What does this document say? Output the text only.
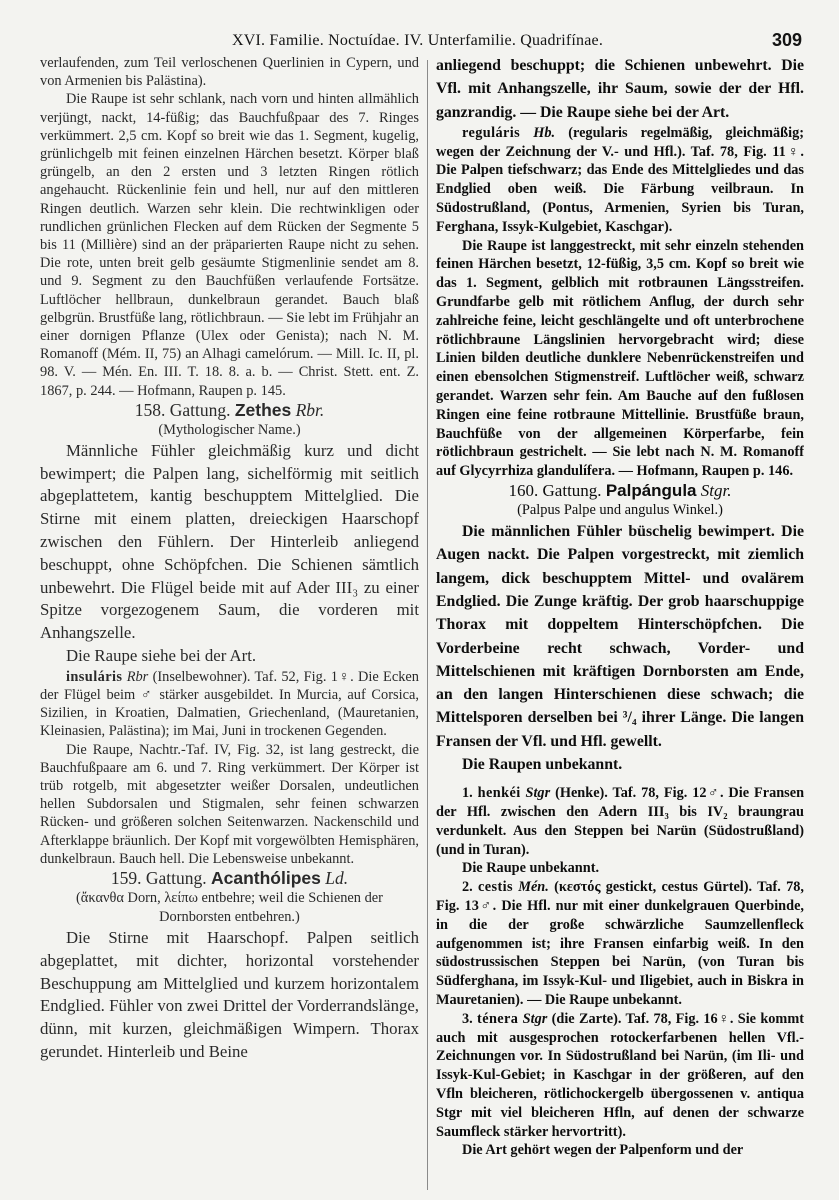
XVI. Familie. Noctuídae. IV. Unterfamilie. Quadrifínae.	309

verlaufenden, zum Teil verloschenen Querlinien in Cypern, und von Armenien bis Palästina).

Die Raupe ist sehr schlank, nach vorn und hinten allmählich verjüngt, nackt, 14-füßig; das Bauchfußpaar des 7. Ringes verkümmert. 2,5 cm. Kopf so breit wie das 1. Segment, kugelig, grünlichgelb mit feinen einzelnen Härchen besetzt. Körper blaß grüngelb, an den 2 ersten und 3 letzten Ringen rötlich angehaucht. Rückenlinie fein und hell, nur auf den mittleren Ringen deutlich. Warzen sehr klein. Die rechtwinkligen oder rundlichen grünlichen Flecken auf dem Rücken der Segmente 5 bis 11 (Millière) sind an der präparierten Raupe nicht zu sehen. Die rote, unten breit gelb gesäumte Stigmenlinie sendet am 8. und 9. Segment zu den Bauchfüßen verlaufende Fortsätze. Luftlöcher hellbraun, dunkelbraun gerandet. Bauch blaß gelbgrün. Brustfüße lang, rötlichbraun. — Sie lebt im Frühjahr an einer dornigen Pflanze (Ulex oder Genista); nach N. M. Romanoff (Mém. II, 75) an Alhagi camelórum. — Mill. Ic. II, pl. 98. V. — Mén. En. III. T. 18. 8. a. b. — Christ. Stett. ent. Z. 1867, p. 244. — Hofmann, Raupen p. 145.

158. Gattung. Zethes Rbr.

(Mythologischer Name.)

Männliche Fühler gleichmäßig kurz und dicht bewimpert; die Palpen lang, sichelförmig mit seitlich abgeplattetem, kantig beschupptem Mittelglied. Die Stirne mit einem platten, dreieckigen Haarschopf zwischen den Fühlern. Der Hinterleib anliegend beschuppt, ohne Schöpfchen. Die Schienen sämtlich unbewehrt. Die Flügel beide mit auf Ader III₃ zu einer Spitze vorgezogenem Saum, die vorderen mit Anhangszelle.

Die Raupe siehe bei der Art.

insuláris Rbr (Inselbewohner). Taf. 52, Fig. 1♀. Die Ecken der Flügel beim ♂ stärker ausgebildet. In Murcia, auf Corsica, Sizilien, in Kroatien, Dalmatien, Griechenland, (Mauretanien, Kleinasien, Palästina); im Mai, Juni in trockenen Gegenden.

Die Raupe, Nachtr.-Taf. IV, Fig. 32, ist lang gestreckt, die Bauchfußpaare am 6. und 7. Ring verkümmert. Der Körper ist trüb rotgelb, mit abgesetzter weißer Dorsalen, undeutlichen hellen Subdorsalen und Stigmalen, sehr feinen schwarzen Rücken- und größeren solchen Seitenwarzen. Nackenschild und Afterklappe bräunlich. Der Kopf mit vorgewölbten Hemisphären, dunkelbraun. Bauch hell. Die Lebensweise unbekannt.

159. Gattung. Acanthólipes Ld.

(ἄκανθα Dorn, λείπω entbehre; weil die Schienen der Dornborsten entbehren.)

Die Stirne mit Haarschopf. Palpen seitlich abgeplattet, mit dichter, horizontal vorstehender Beschuppung am Mittelglied und kurzem horizontalem Endglied. Fühler von zwei Drittel der Vorderrandslänge, dünn, mit kurzen, gleichmäßigen Wimpern. Thorax gerundet. Hinterleib und Beine

anliegend beschuppt; die Schienen unbewehrt. Die Vfl. mit Anhangszelle, ihr Saum, sowie der der Hfl. ganzrandig. — Die Raupe siehe bei der Art.

reguláris Hb. (regularis regelmäßig, gleichmäßig; wegen der Zeichnung der V.- und Hfl.). Taf. 78, Fig. 11♀. Die Palpen tiefschwarz; das Ende des Mittelgliedes und das Endglied oben weiß. Die Färbung veilbraun. In Südostrußland, (Pontus, Armenien, Syrien bis Turan, Ferghana, Issyk-Kulgebiet, Kaschgar).

Die Raupe ist langgestreckt, mit sehr einzeln stehenden feinen Härchen besetzt, 12-füßig, 3,5 cm. Kopf so breit wie das 1. Segment, gelblich mit rotbraunen Längsstreifen. Grundfarbe gelb mit rötlichem Anflug, der durch sehr zahlreiche feine, leicht geschlängelte und oft unterbrochene rötlichbraune Längslinien hervorgebracht wird; diese Linien bilden deutliche dunklere Nebenrückenstreifen und einen ebensolchen Stigmenstreif. Luftlöcher weiß, schwarz gerandet. Warzen sehr fein. Am Bauche auf den fußlosen Ringen eine feine rotbraune Mittellinie. Brustfüße braun, Bauchfüße von der allgemeinen Körperfarbe, fein rötlichbraun gestrichelt. — Sie lebt nach N. M. Romanoff auf Glycyrrhiza glandulífera. — Hofmann, Raupen p. 146.

160. Gattung. Palpángula Stgr.

(Palpus Palpe und angulus Winkel.)

Die männlichen Fühler büschelig bewimpert. Die Augen nackt. Die Palpen vorgestreckt, mit ziemlich langem, dick beschupptem Mittel- und ovalärem Endglied. Die Zunge kräftig. Der grob haarschuppige Thorax mit doppeltem Hinterschöpfchen. Die Vorderbeine recht schwach, Vorder- und Mittelschienen mit kräftigen Dornborsten am Ende, an den langen Hinterschienen diese schwach; die Mittelsporen derselben bei ³/₄ ihrer Länge. Die langen Fransen der Vfl. und Hfl. gewellt.

Die Raupen unbekannt.

1. henkéi Stgr (Henke). Taf. 78, Fig. 12♂. Die Fransen der Hfl. zwischen den Adern III₃ bis IV₂ braungrau verdunkelt. Aus den Steppen bei Narün (Südostrußland) (und in Turan).

Die Raupe unbekannt.

2. cestis Mén. (κεστός gestickt, cestus Gürtel). Taf. 78, Fig. 13♂. Die Hfl. nur mit einer dunkelgrauen Querbinde, in die der große schwärzliche Saumzellenfleck aufgenommen ist; ihre Fransen einfarbig weiß. In den südostrussischen Steppen bei Narün, (von Turan bis Südferghana, im Issyk-Kul- und Iligebiet, auch in Biskra in Mauretanien). — Die Raupe unbekannt.

3. ténera Stgr (die Zarte). Taf. 78, Fig. 16♀. Sie kommt auch mit ausgesprochen rotockerfarbenen hellen Vfl.-Zeichnungen vor. In Südostrußland bei Narün, (im Ili- und Issyk-Kul-Gebiet; in Kaschgar in der größeren, auf den Vfln bleicheren, rötlichockergelb übergossenen v. antiqua Stgr mit viel bleicheren Hfln, auf denen der schwarze Saumfleck stärker hervortritt).

Die Art gehört wegen der Palpenform und der
